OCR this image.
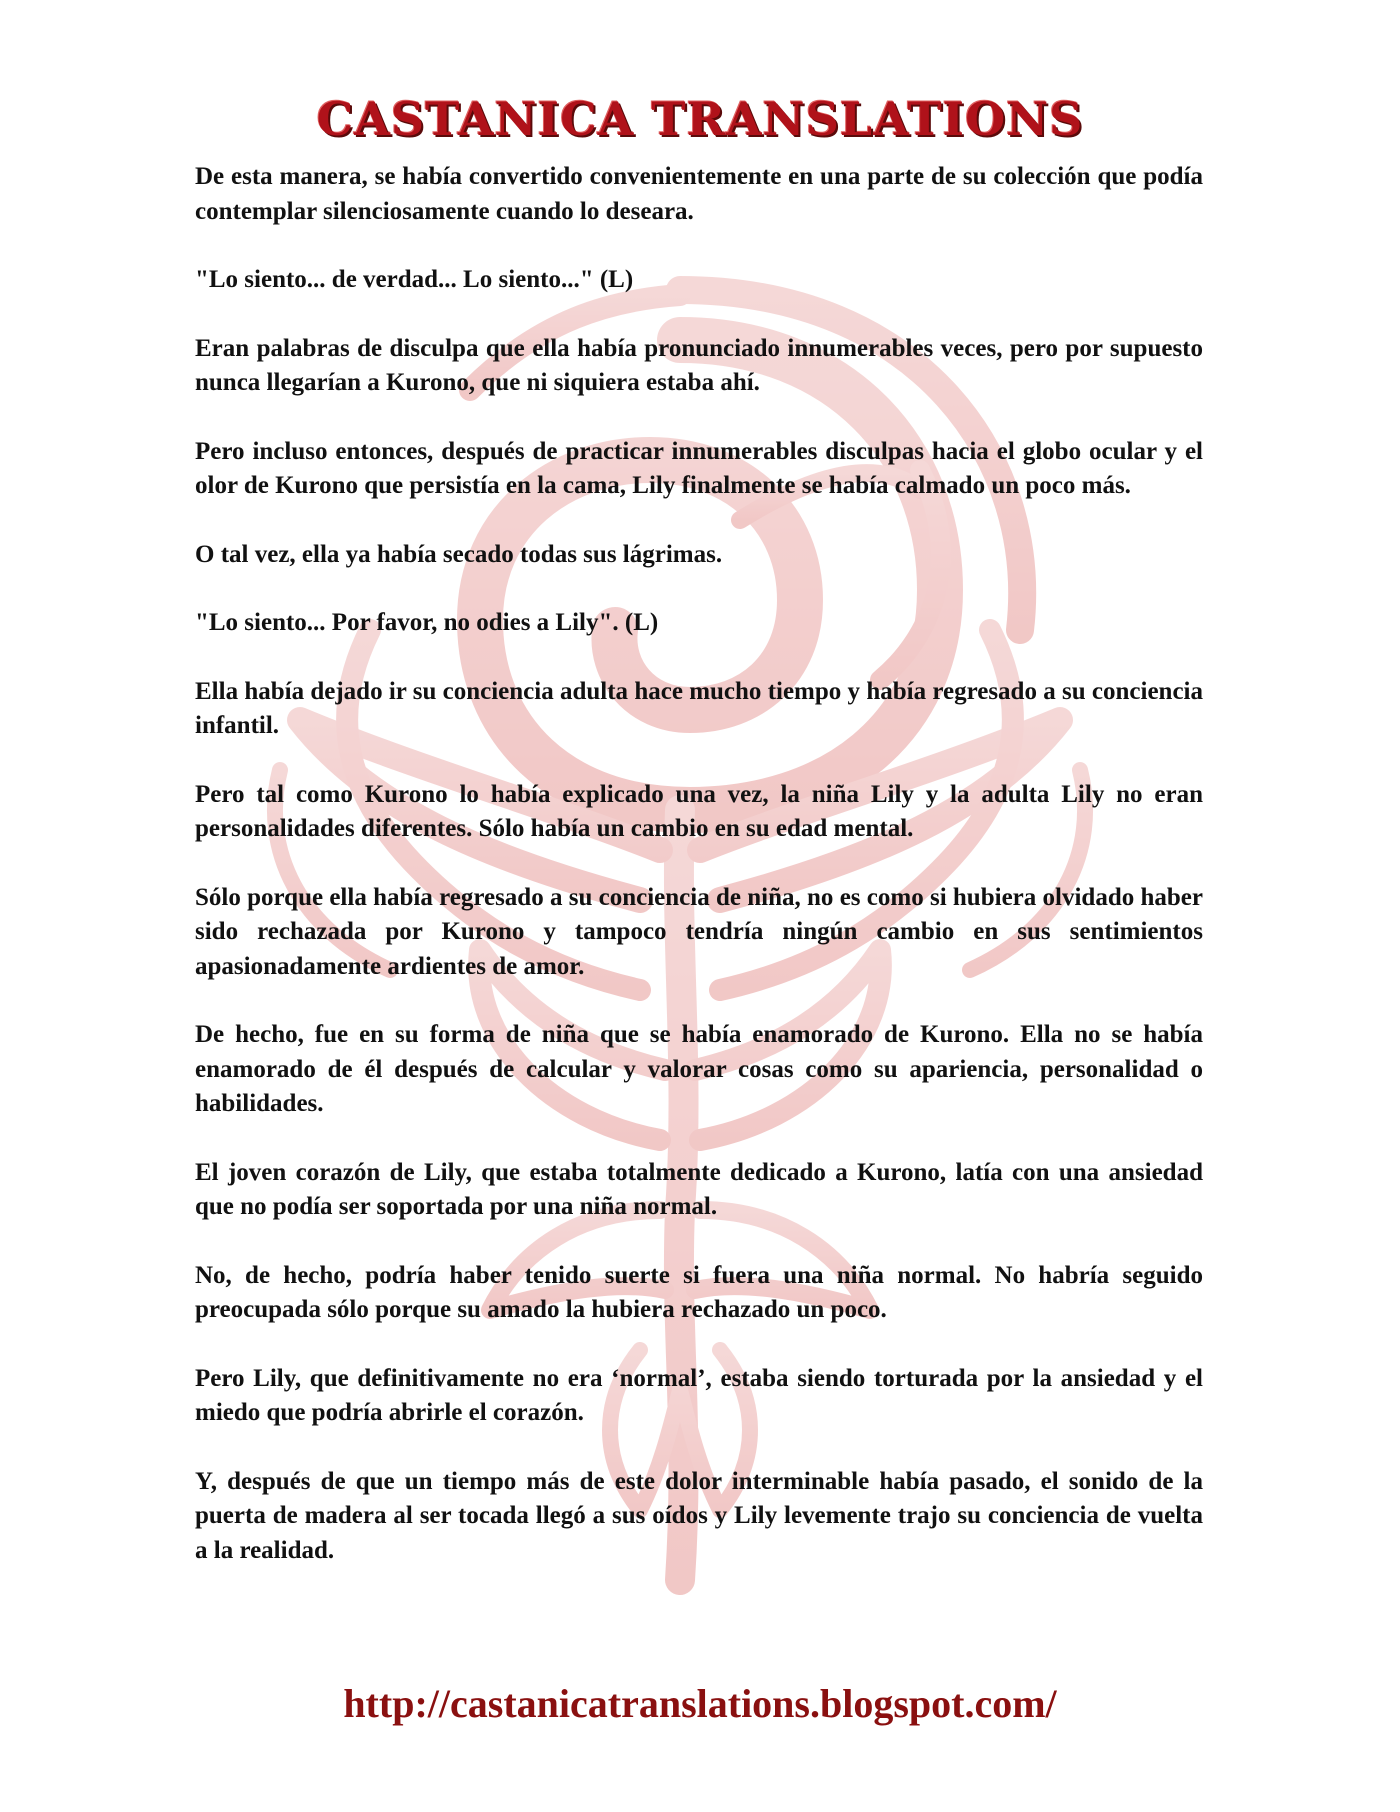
CASTANICA TRANSLATIONS

De esta manera, se había convertido convenientemente en una parte de su colección que podía contemplar silenciosamente cuando lo deseara.

"Lo siento... de verdad... Lo siento..." (L)

Eran palabras de disculpa que ella había pronunciado innumerables veces, pero por supuesto nunca llegarían a Kurono, que ni siquiera estaba ahí.

Pero incluso entonces, después de practicar innumerables disculpas hacia el globo ocular y el olor de Kurono que persistía en la cama, Lily finalmente se había calmado un poco más.

O tal vez, ella ya había secado todas sus lágrimas.

"Lo siento... Por favor, no odies a Lily". (L)

Ella había dejado ir su conciencia adulta hace mucho tiempo y había regresado a su conciencia infantil.

Pero tal como Kurono lo había explicado una vez, la niña Lily y la adulta Lily no eran personalidades diferentes. Sólo había un cambio en su edad mental.

Sólo porque ella había regresado a su conciencia de niña, no es como si hubiera olvidado haber sido rechazada por Kurono y tampoco tendría ningún cambio en sus sentimientos apasionadamente ardientes de amor.

De hecho, fue en su forma de niña que se había enamorado de Kurono. Ella no se había enamorado de él después de calcular y valorar cosas como su apariencia, personalidad o habilidades.

El joven corazón de Lily, que estaba totalmente dedicado a Kurono, latía con una ansiedad que no podía ser soportada por una niña normal.

No, de hecho, podría haber tenido suerte si fuera una niña normal. No habría seguido preocupada sólo porque su amado la hubiera rechazado un poco.

Pero Lily, que definitivamente no era ‘normal’, estaba siendo torturada por la ansiedad y el miedo que podría abrirle el corazón.

Y, después de que un tiempo más de este dolor interminable había pasado, el sonido de la puerta de madera al ser tocada llegó a sus oídos y Lily levemente trajo su conciencia de vuelta a la realidad.

http://castanicatranslations.blogspot.com/
